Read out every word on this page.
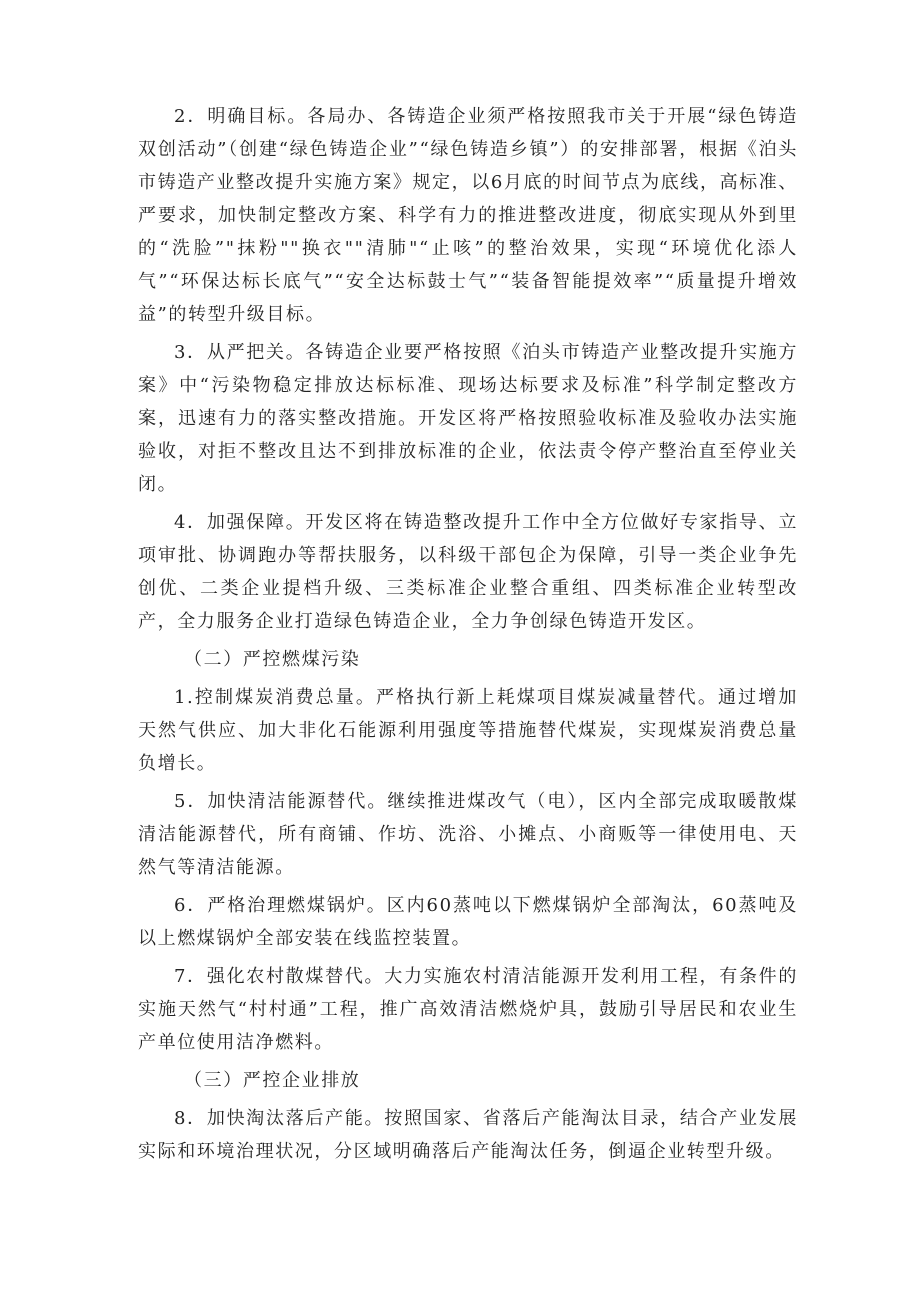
2．明确目标。各局办、各铸造企业须严格按照我市关于开展“绿色铸造双创活动”（创建“绿色铸造企业”“绿色铸造乡镇”）的安排部署，根据《泊头市铸造产业整改提升实施方案》规定，以6月底的时间节点为底线，高标准、严要求，加快制定整改方案、科学有力的推进整改进度，彻底实现从外到里的“洗脸”"抹粉""换衣""清肺"“止咳”的整治效果，实现“环境优化添人气”“环保达标长底气”“安全达标鼓士气”“装备智能提效率”“质量提升增效益”的转型升级目标。

3．从严把关。各铸造企业要严格按照《泊头市铸造产业整改提升实施方案》中“污染物稳定排放达标标准、现场达标要求及标准”科学制定整改方案，迅速有力的落实整改措施。开发区将严格按照验收标准及验收办法实施验收，对拒不整改且达不到排放标准的企业，依法责令停产整治直至停业关闭。

4．加强保障。开发区将在铸造整改提升工作中全方位做好专家指导、立项审批、协调跑办等帮扶服务，以科级干部包企为保障，引导一类企业争先创优、二类企业提档升级、三类标准企业整合重组、四类标准企业转型改产，全力服务企业打造绿色铸造企业，全力争创绿色铸造开发区。

（二）严控燃煤污染

1.控制煤炭消费总量。严格执行新上耗煤项目煤炭减量替代。通过增加天然气供应、加大非化石能源利用强度等措施替代煤炭，实现煤炭消费总量负增长。

5．加快清洁能源替代。继续推进煤改气（电），区内全部完成取暖散煤清洁能源替代，所有商铺、作坊、洗浴、小摊点、小商贩等一律使用电、天然气等清洁能源。

6．严格治理燃煤锅炉。区内60蒸吨以下燃煤锅炉全部淘汰，60蒸吨及以上燃煤锅炉全部安装在线监控装置。

7．强化农村散煤替代。大力实施农村清洁能源开发利用工程，有条件的实施天然气“村村通”工程，推广高效清洁燃烧炉具，鼓励引导居民和农业生产单位使用洁净燃料。

（三）严控企业排放

8．加快淘汰落后产能。按照国家、省落后产能淘汰目录，结合产业发展实际和环境治理状况，分区域明确落后产能淘汰任务，倒逼企业转型升级。
